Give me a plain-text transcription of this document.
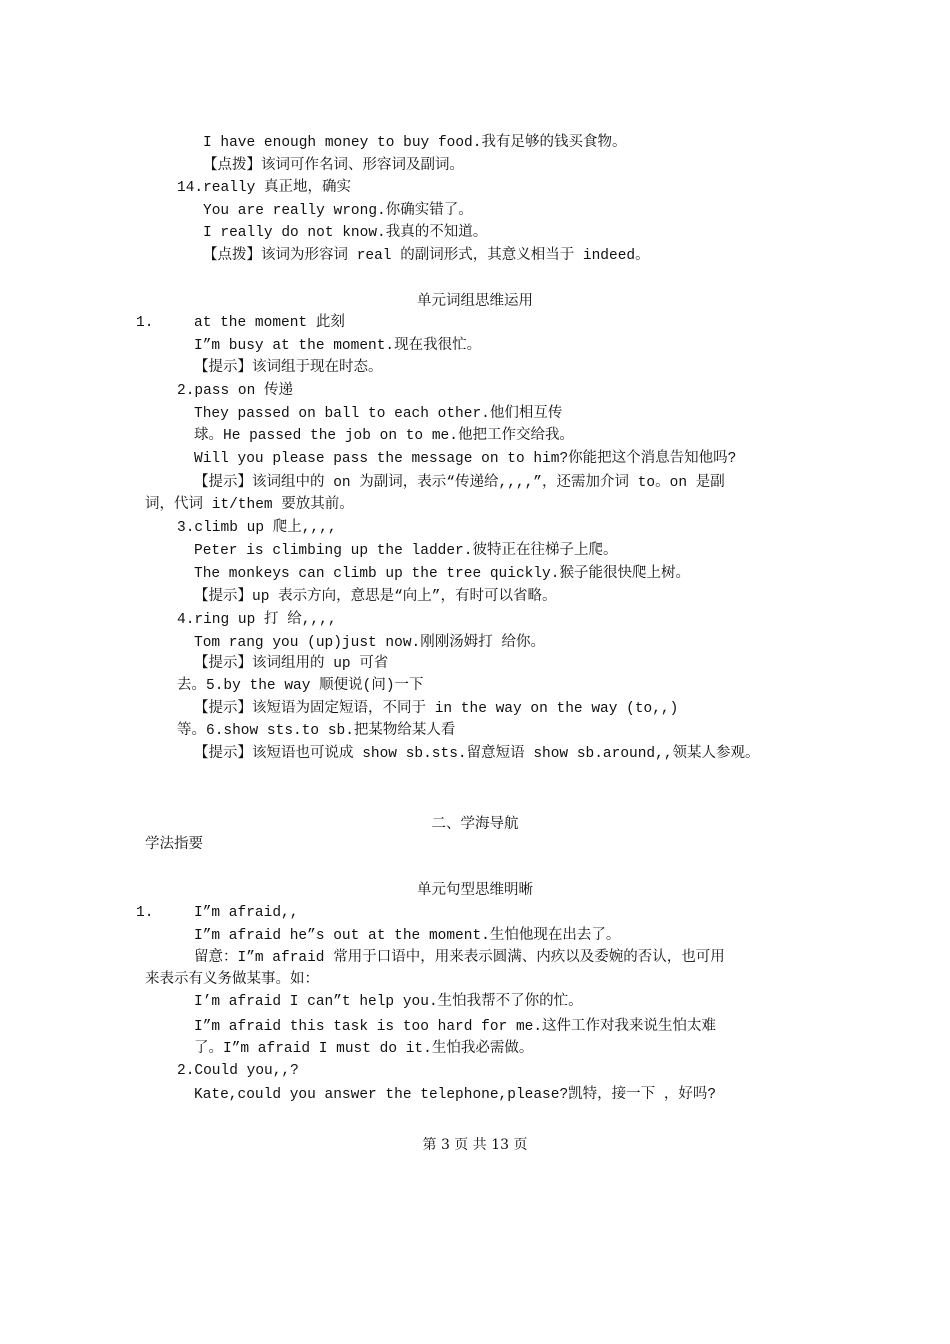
I have enough money to buy food.我有足够的钱买食物。
【点拨】该词可作名词、形容词及副词。
14.really 真正地，确实
You are really wrong.你确实错了。
I really do not know.我真的不知道。
【点拨】该词为形容词 real 的副词形式，其意义相当于 indeed。
单元词组思维运用
1.	at the moment 此刻
I”m busy at the moment.现在我很忙。
【提示】该词组于现在时态。
2.pass on 传递
They passed on ball to each other.他们相互传
球。He passed the job on to me.他把工作交给我。
Will you please pass the message on to him?你能把这个消息告知他吗?
【提示】该词组中的 on 为副词，表示“传递给,,,,”，还需加介词 to。on 是副
词，代词 it/them 要放其前。
3.climb up 爬上,,,,
Peter is climbing up the ladder.彼特正在往梯子上爬。
The monkeys can climb up the tree quickly.猴子能很快爬上树。
【提示】up 表示方向，意思是“向上”，有时可以省略。
4.ring up 打 给,,,,
Tom rang you (up)just now.刚刚汤姆打 给你。
【提示】该词组用的 up 可省
去。5.by the way 顺便说(问)一下
【提示】该短语为固定短语，不同于 in the way on the way (to,,)
等。6.show sts.to sb.把某物给某人看
【提示】该短语也可说成 show sb.sts.留意短语 show sb.around,,领某人参观。
二、学海导航
学法指要
单元句型思维明晰
1.	I”m afraid,,
I”m afraid he”s out at the moment.生怕他现在出去了。
留意：I”m afraid 常用于口语中，用来表示圆满、内疚以及委婉的否认，也可用
来表示有义务做某事。如：
I’m afraid I can”t help you.生怕我帮不了你的忙。
I”m afraid this task is too hard for me.这件工作对我来说生怕太难
了。I”m afraid I must do it.生怕我必需做。
2.Could you,,?
Kate,could you answer the telephone,please?凯特，接一下 ，好吗?
第 3 页 共 13 页
